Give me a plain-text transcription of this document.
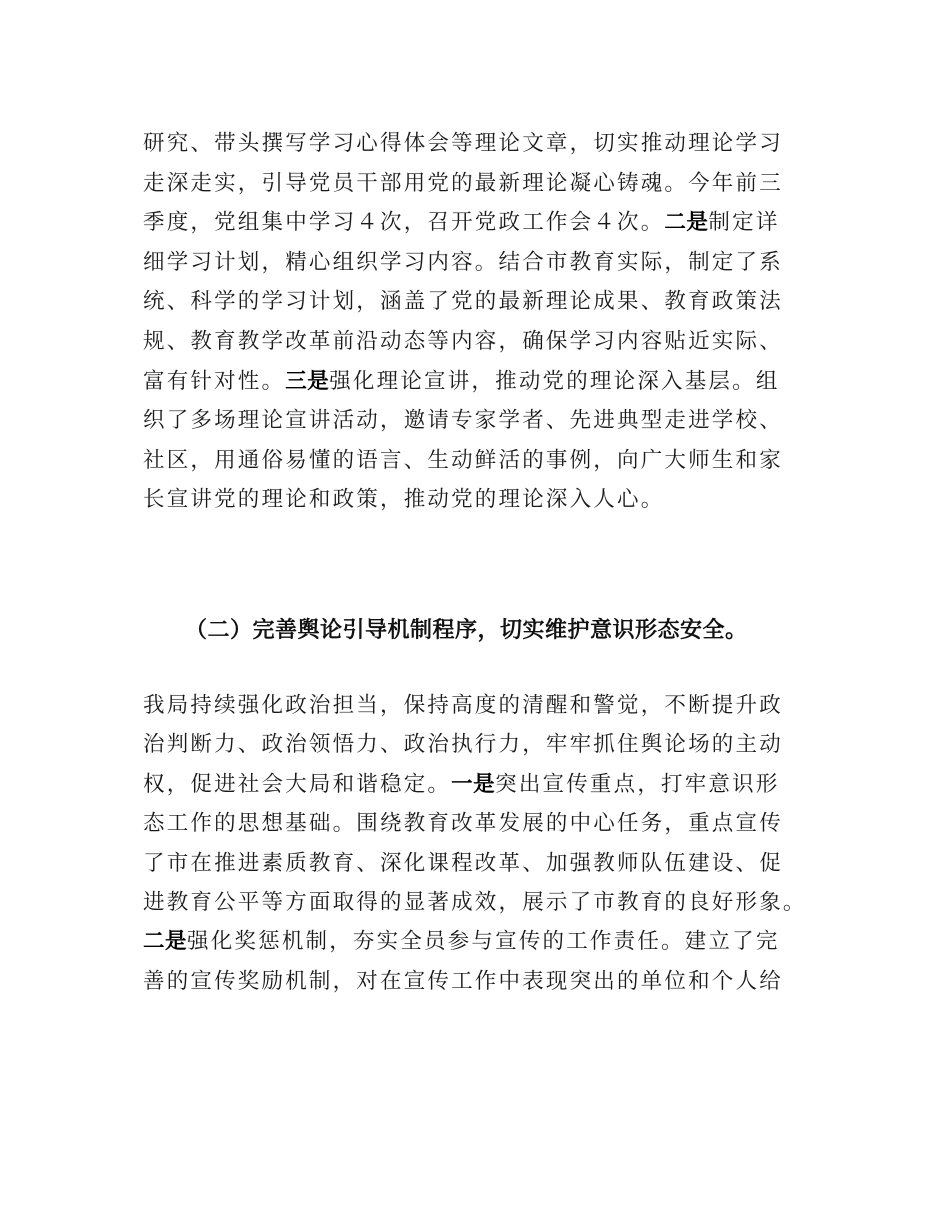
研究、带头撰写学习心得体会等理论文章，切实推动理论学习
走深走实，引导党员干部用党的最新理论凝心铸魂。今年前三
季度，党组集中学习４次，召开党政工作会４次。二是制定详
细学习计划，精心组织学习内容。结合市教育实际，制定了系
统、科学的学习计划，涵盖了党的最新理论成果、教育政策法
规、教育教学改革前沿动态等内容，确保学习内容贴近实际、
富有针对性。三是强化理论宣讲，推动党的理论深入基层。组
织了多场理论宣讲活动，邀请专家学者、先进典型走进学校、
社区，用通俗易懂的语言、生动鲜活的事例，向广大师生和家
长宣讲党的理论和政策，推动党的理论深入人心。
（二）完善舆论引导机制程序，切实维护意识形态安全。
我局持续强化政治担当，保持高度的清醒和警觉，不断提升政
治判断力、政治领悟力、政治执行力，牢牢抓住舆论场的主动
权，促进社会大局和谐稳定。一是突出宣传重点，打牢意识形
态工作的思想基础。围绕教育改革发展的中心任务，重点宣传
了市在推进素质教育、深化课程改革、加强教师队伍建设、促
进教育公平等方面取得的显著成效，展示了市教育的良好形象。
二是强化奖惩机制，夯实全员参与宣传的工作责任。建立了完
善的宣传奖励机制，对在宣传工作中表现突出的单位和个人给
